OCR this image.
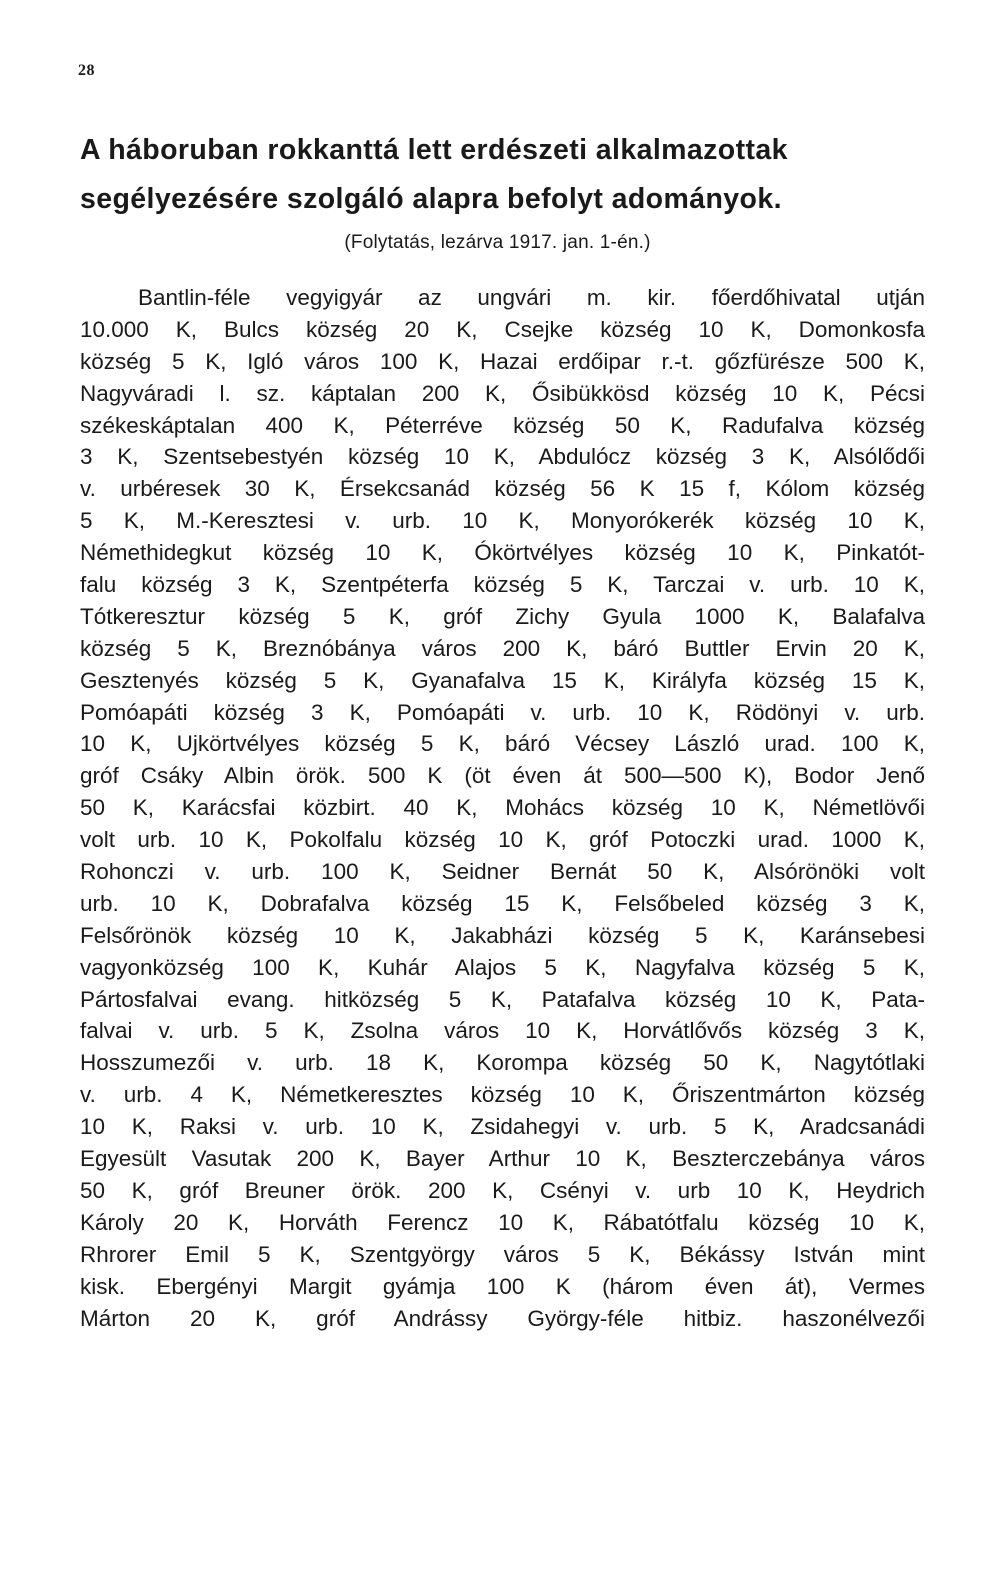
28
A háboruban rokkanttá lett erdészeti alkalmazottak
segélyezésére szolgáló alapra befolyt adományok.
(Folytatás, lezárva 1917. jan. 1-én.)
Bantlin-féle vegyigyár az ungvári m. kir. főerdőhivatal utján
10.000 K, Bulcs község 20 K, Csejke község 10 K, Domonkosfa
község 5 K, Igló város 100 K, Hazai erdőipar r.-t. gőzfürésze 500 K,
Nagyváradi l. sz. káptalan 200 K, Ősibükkösd község 10 K, Pécsi
székeskáptalan 400 K, Péterréve község 50 K, Radufalva község
3 K, Szentsebestyén község 10 K, Abdulócz község 3 K, Alsólődői
v. urbéresek 30 K, Érsekcsanád község 56 K 15 f, Kólom község
5 K, M.-Keresztesi v. urb. 10 K, Monyorókerék község 10 K,
Némethidegkut község 10 K, Ókörtvélyes község 10 K, Pinkatót-
falu község 3 K, Szentpéterfa község 5 K, Tarczai v. urb. 10 K,
Tótkeresztur község 5 K, gróf Zichy Gyula 1000 K, Balafalva
község 5 K, Breznóbánya város 200 K, báró Buttler Ervin 20 K,
Gesztenyés község 5 K, Gyanafalva 15 K, Királyfa község 15 K,
Pomóapáti község 3 K, Pomóapáti v. urb. 10 K, Rödönyi v. urb.
10 K, Ujkörtvélyes község 5 K, báró Vécsey László urad. 100 K,
gróf Csáky Albin örök. 500 K (öt éven át 500—500 K), Bodor Jenő
50 K, Karácsfai közbirt. 40 K, Mohács község 10 K, Németlövői
volt urb. 10 K, Pokolfalu község 10 K, gróf Potoczki urad. 1000 K,
Rohonczi v. urb. 100 K, Seidner Bernát 50 K, Alsórönöki volt
urb. 10 K, Dobrafalva község 15 K, Felsőbeled község 3 K,
Felsőrönök község 10 K, Jakabházi község 5 K, Karánsebesi
vagyonközség 100 K, Kuhár Alajos 5 K, Nagyfalva község 5 K,
Pártosfalvai evang. hitközség 5 K, Patafalva község 10 K, Pata-
falvai v. urb. 5 K, Zsolna város 10 K, Horvátlővős község 3 K,
Hosszumezői v. urb. 18 K, Korompa község 50 K, Nagytótlaki
v. urb. 4 K, Németkeresztes község 10 K, Őriszentmárton község
10 K, Raksi v. urb. 10 K, Zsidahegyi v. urb. 5 K, Aradcsanádi
Egyesült Vasutak 200 K, Bayer Arthur 10 K, Beszterczebánya város
50 K, gróf Breuner örök. 200 K, Csényi v. urb 10 K, Heydrich
Károly 20 K, Horváth Ferencz 10 K, Rábatótfalu község 10 K,
Rhrorer Emil 5 K, Szentgyörgy város 5 K, Békássy István mint
kisk. Ebergényi Margit gyámja 100 K (három éven át), Vermes
Márton 20 K, gróf Andrássy György-féle hitbiz. haszonélvezői
